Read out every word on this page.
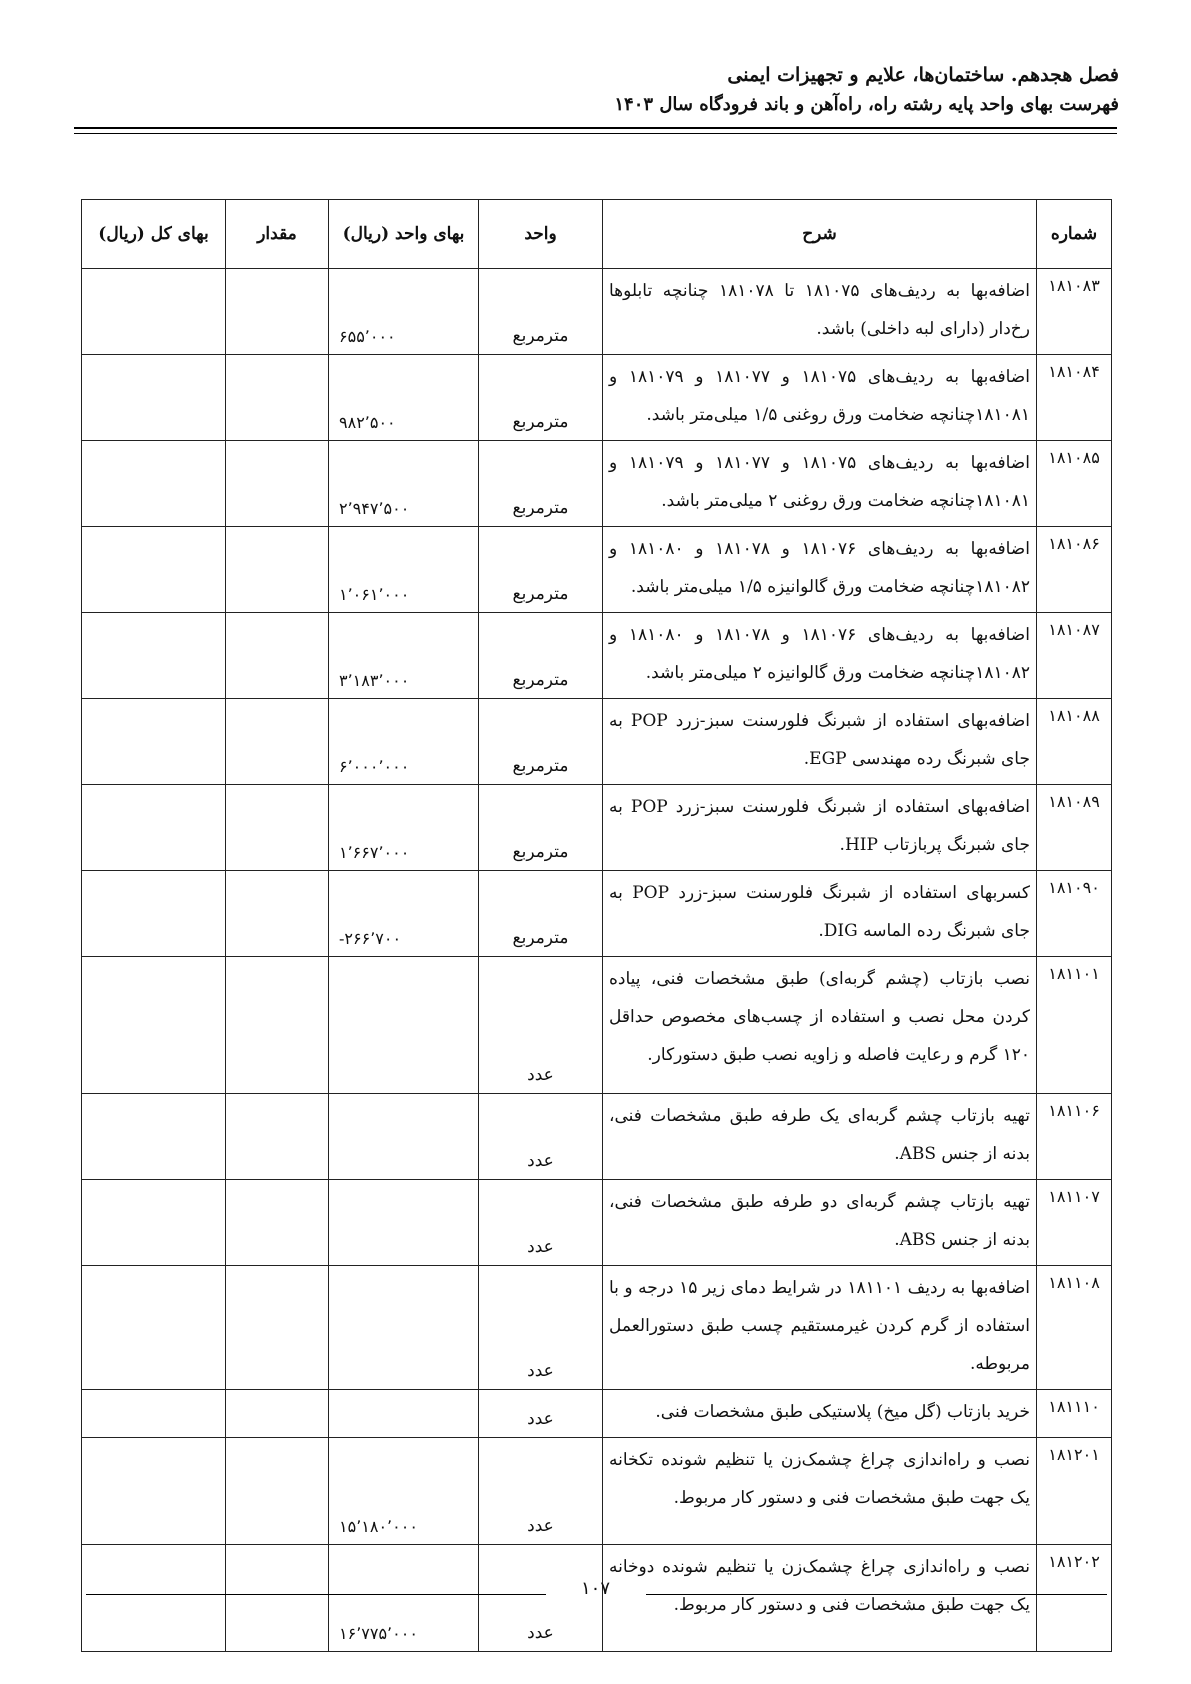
فصل هجدهم. ساختمان‌ها، علایم و تجهیزات ایمنی
فهرست بهای واحد پایه رشته راه، راه‌آهن و باند فرودگاه سال ۱۴۰۳
شماره	شرح	واحد	بهای واحد (ریال)	مقدار	بهای کل (ریال)
۱۸۱۰۸۳	اضافه‌بها به ردیف‌های ۱۸۱۰۷۵ تا ۱۸۱۰۷۸ چنانچه تابلوها رخ‌دار (دارای لبه داخلی) باشد.	مترمربع	۶۵۵٬۰۰۰		
۱۸۱۰۸۴	اضافه‌بها به ردیف‌های ۱۸۱۰۷۵ و ۱۸۱۰۷۷ و ۱۸۱۰۷۹ و ۱۸۱۰۸۱چنانچه ضخامت ورق روغنی ۱/۵ میلی‌متر باشد.	مترمربع	۹۸۲٬۵۰۰		
۱۸۱۰۸۵	اضافه‌بها به ردیف‌های ۱۸۱۰۷۵ و ۱۸۱۰۷۷ و ۱۸۱۰۷۹ و ۱۸۱۰۸۱چنانچه ضخامت ورق روغنی ۲ میلی‌متر باشد.	مترمربع	۲٬۹۴۷٬۵۰۰		
۱۸۱۰۸۶	اضافه‌بها به ردیف‌های ۱۸۱۰۷۶ و ۱۸۱۰۷۸ و ۱۸۱۰۸۰ و ۱۸۱۰۸۲چنانچه ضخامت ورق گالوانیزه ۱/۵ میلی‌متر باشد.	مترمربع	۱٬۰۶۱٬۰۰۰		
۱۸۱۰۸۷	اضافه‌بها به ردیف‌های ۱۸۱۰۷۶ و ۱۸۱۰۷۸ و ۱۸۱۰۸۰ و ۱۸۱۰۸۲چنانچه ضخامت ورق گالوانیزه ۲ میلی‌متر باشد.	مترمربع	۳٬۱۸۳٬۰۰۰		
۱۸۱۰۸۸	اضافه‌بهای استفاده از شبرنگ فلورسنت سبز-زرد POP به جای شبرنگ رده مهندسی EGP.	مترمربع	۶٬۰۰۰٬۰۰۰		
۱۸۱۰۸۹	اضافه‌بهای استفاده از شبرنگ فلورسنت سبز-زرد POP به جای شبرنگ پربازتاب HIP.	مترمربع	۱٬۶۶۷٬۰۰۰		
۱۸۱۰۹۰	کسربهای استفاده از شبرنگ فلورسنت سبز-زرد POP به جای شبرنگ رده الماسه DIG.	مترمربع	-۲۶۶٬۷۰۰		
۱۸۱۱۰۱	نصب بازتاب (چشم گربه‌ای) طبق مشخصات فنی، پیاده کردن محل نصب و استفاده از چسب‌های مخصوص حداقل ۱۲۰ گرم و رعایت فاصله و زاویه نصب طبق دستورکار.	عدد			
۱۸۱۱۰۶	تهیه بازتاب چشم گربه‌ای یک طرفه طبق مشخصات فنی، بدنه از جنس ABS.	عدد			
۱۸۱۱۰۷	تهیه بازتاب چشم گربه‌ای دو طرفه طبق مشخصات فنی، بدنه از جنس ABS.	عدد			
۱۸۱۱۰۸	اضافه‌بها به ردیف ۱۸۱۱۰۱ در شرایط دمای زیر ۱۵ درجه و با استفاده از گرم کردن غیرمستقیم چسب طبق دستورالعمل مربوطه.	عدد			
۱۸۱۱۱۰	خرید بازتاب (گل میخ) پلاستیکی طبق مشخصات فنی.	عدد			
۱۸۱۲۰۱	نصب و راه‌اندازی چراغ چشمک‌زن یا تنظیم شونده تکخانه یک جهت طبق مشخصات فنی و دستور کار مربوط.	عدد	۱۵٬۱۸۰٬۰۰۰		
۱۸۱۲۰۲	نصب و راه‌اندازی چراغ چشمک‌زن یا تنظیم شونده دوخانه یک جهت طبق مشخصات فنی و دستور کار مربوط.	عدد	۱۶٬۷۷۵٬۰۰۰		
۱۰۷
